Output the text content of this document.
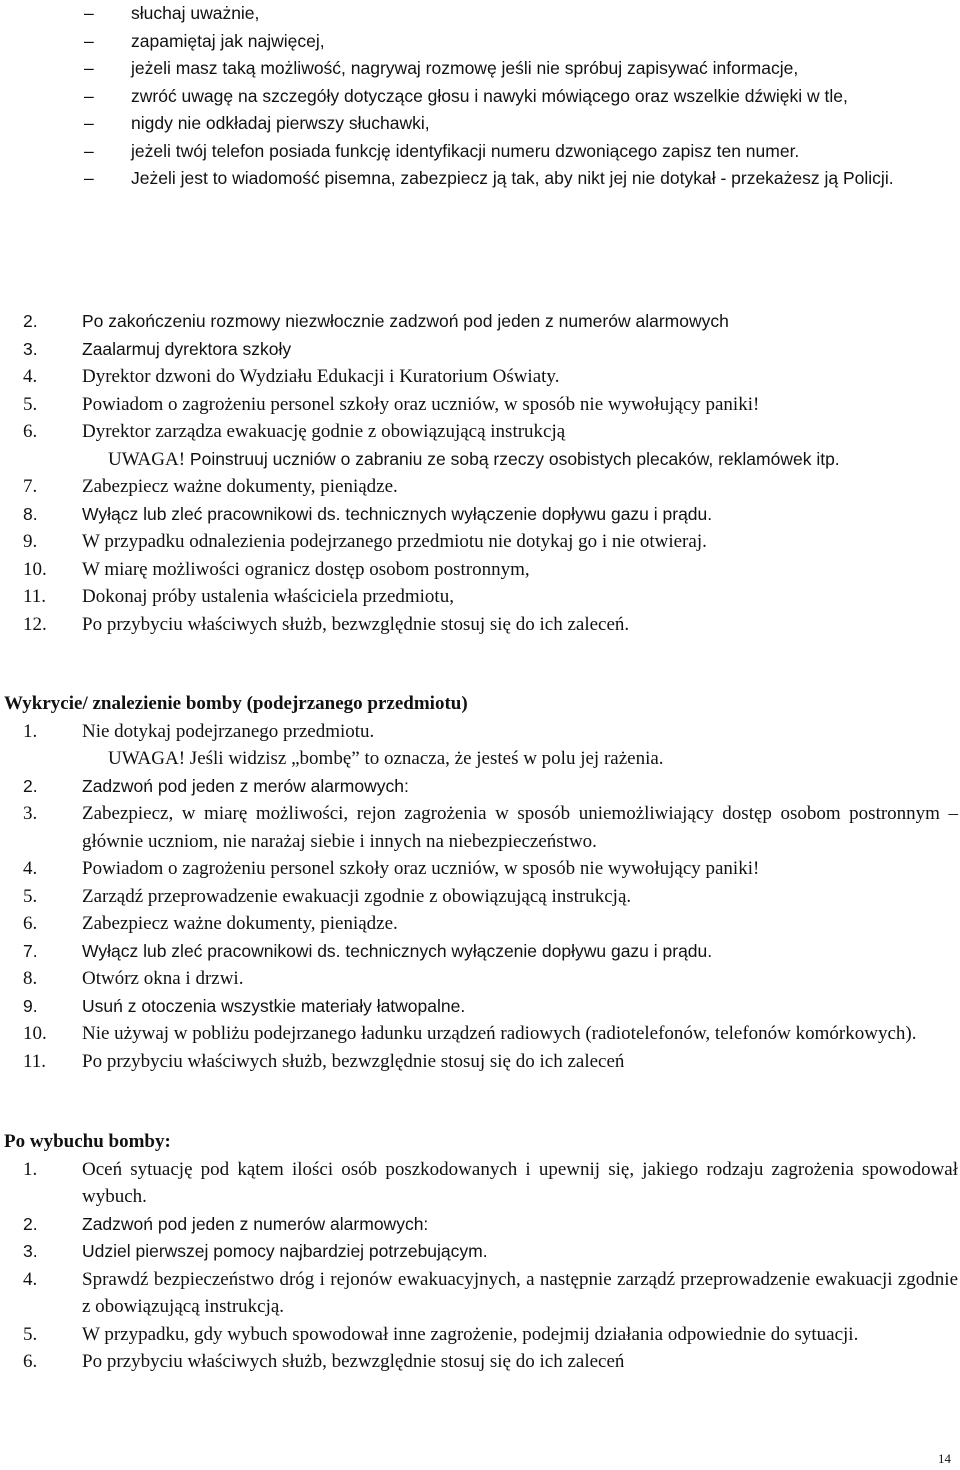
–	słuchaj uważnie,
–	zapamiętaj jak najwięcej,
–	jeżeli masz taką możliwość, nagrywaj rozmowę jeśli nie spróbuj zapisywać informacje,
–	zwróć uwagę na szczegóły dotyczące głosu i nawyki mówiącego oraz wszelkie dźwięki w tle,
–	nigdy nie odkładaj pierwszy słuchawki,
–	jeżeli twój telefon posiada funkcję identyfikacji numeru dzwoniącego zapisz ten numer.
–	Jeżeli jest to wiadomość pisemna, zabezpiecz ją tak, aby nikt jej nie dotykał - przekażesz ją Policji.
2.	Po zakończeniu rozmowy niezwłocznie zadzwoń pod jeden z numerów alarmowych
3.	Zaalarmuj dyrektora szkoły
4.	Dyrektor dzwoni do Wydziału Edukacji i Kuratorium Oświaty.
5.	Powiadom o zagrożeniu personel szkoły oraz uczniów, w sposób nie wywołujący paniki!
6.	Dyrektor zarządza ewakuację godnie z obowiązującą instrukcją
UWAGA! Poinstruuj uczniów o zabraniu ze sobą rzeczy osobistych plecaków, reklamówek itp.
7.	Zabezpiecz ważne dokumenty, pieniądze.
8.	Wyłącz lub zleć pracownikowi ds. technicznych wyłączenie dopływu gazu i prądu.
9.	W przypadku odnalezienia podejrzanego przedmiotu nie dotykaj go i nie otwieraj.
10.	W miarę możliwości ogranicz dostęp osobom postronnym,
11.	Dokonaj próby ustalenia właściciela przedmiotu,
12.	Po przybyciu właściwych służb, bezwzględnie stosuj się do ich zaleceń.
Wykrycie/ znalezienie bomby (podejrzanego przedmiotu)
1.	Nie dotykaj podejrzanego przedmiotu.
UWAGA! Jeśli widzisz „bombę” to oznacza, że jesteś w polu jej rażenia.
2.	Zadzwoń pod jeden z merów alarmowych:
3.	Zabezpiecz, w miarę możliwości, rejon zagrożenia w sposób uniemożliwiający dostęp osobom postronnym – głównie uczniom, nie narażaj siebie i innych na niebezpieczeństwo.
4.	Powiadom o zagrożeniu personel szkoły oraz uczniów, w sposób nie wywołujący paniki!
5.	Zarządź przeprowadzenie ewakuacji zgodnie z obowiązującą instrukcją.
6.	Zabezpiecz ważne dokumenty, pieniądze.
7.	Wyłącz lub zleć pracownikowi ds. technicznych wyłączenie dopływu gazu i prądu.
8.	Otwórz okna i drzwi.
9.	Usuń z otoczenia wszystkie materiały łatwopalne.
10.	Nie używaj w pobliżu podejrzanego ładunku urządzeń radiowych (radiotelefonów, telefonów komórkowych).
11.	Po przybyciu właściwych służb, bezwzględnie stosuj się do ich zaleceń
Po wybuchu bomby:
1.	Oceń sytuację pod kątem ilości osób poszkodowanych i upewnij się, jakiego rodzaju zagrożenia spowodował wybuch.
2.	Zadzwoń pod jeden z numerów alarmowych:
3.	Udziel pierwszej pomocy najbardziej potrzebującym.
4.	Sprawdź bezpieczeństwo dróg i rejonów ewakuacyjnych, a następnie zarządź przeprowadzenie ewakuacji zgodnie z obowiązującą instrukcją.
5.	W przypadku, gdy wybuch spowodował inne zagrożenie, podejmij działania odpowiednie do sytuacji.
6.	Po przybyciu właściwych służb, bezwzględnie stosuj się do ich zaleceń
14
